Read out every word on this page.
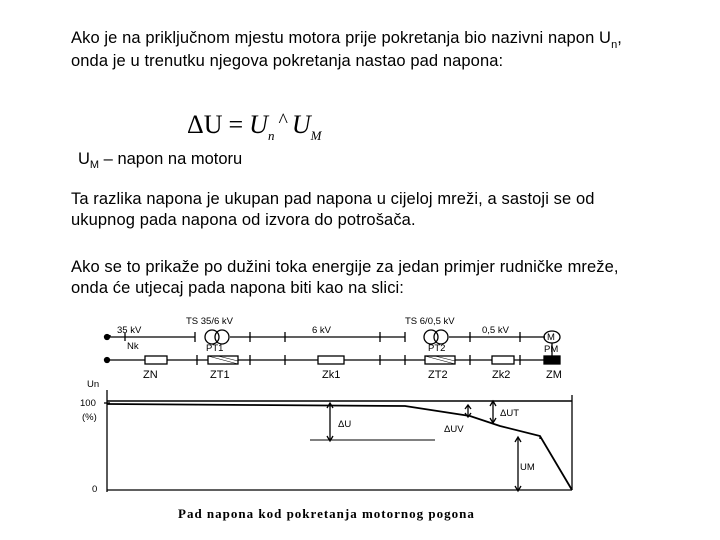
Ako je na priključnom mjestu motora prije pokretanja bio nazivni napon $U_n$,
onda je u trenutku njegova pokretanja nastao pad napona:

$\Delta U = U_n^{\^{}}$ $U_M$
$U_M$ – napon na motoru

Ta razlika napona je ukupan pad napona u cijeloj mreži, a sastoji se od
ukupnog pada napona od izvora do potrošača.

Ako se to prikaže po dužini toka energije za jedan primjer rudničke mreže,
onda će utjecaj pada napona biti kao na slici:

35 kV
Nk
TS 35/6 kV
PT1
6 kV
TS 6/0,5 kV
PT2
0,5 kV
M
PM
ZN	ZT1	Zk1	ZT2	Zk2	ZM
Un
100
(%)
0
ΔU
ΔUT
ΔUV
UM
Pad napona kod pokretanja motornog pogona
